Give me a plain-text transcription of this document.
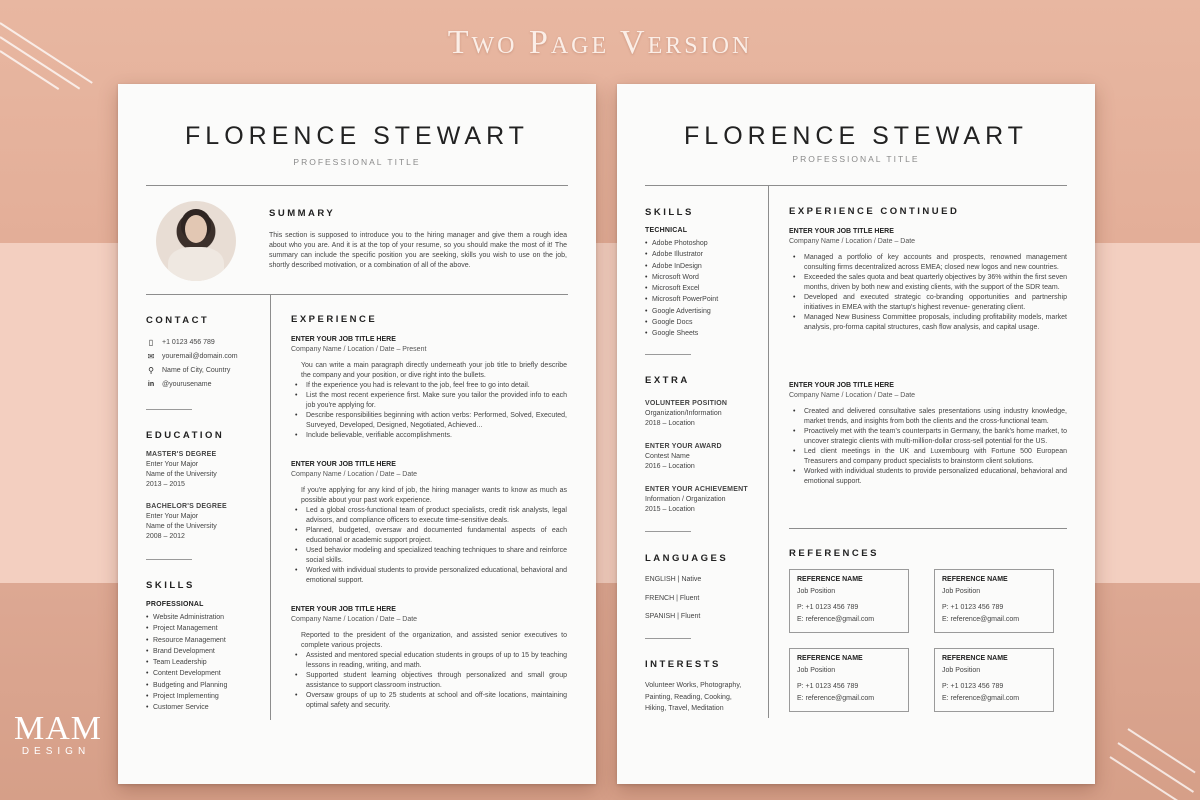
Two Page Version
MAM
DESIGN
FLORENCE STEWART
PROFESSIONAL TITLE
SUMMARY
This section is supposed to introduce you to the hiring manager and give them a rough idea about who you are. And it is at the top of your resume, so you should make the most of it! The summary can include the specific position you are seeking, skills you wish to use on the job, shortly described motivation, or a combination of all of the above.
CONTACT
▯	+1 0123 456 789
✉ youremail@domain.com
⚲ Name of City, Country
in @yourusename
EDUCATION
MASTER'S DEGREE
Enter Your Major
Name of the University
2013 – 2015
BACHELOR'S DEGREE
Enter Your Major
Name of the University
2008 – 2012
SKILLS
PROFESSIONAL
• Website Administration
• Project Management
• Resource Management
• Brand Development
• Team Leadership
• Content Development
• Budgeting and Planning
• Project Implementing
• Customer Service
EXPERIENCE
ENTER YOUR JOB TITLE HERE
Company Name / Location / Date – Present
You can write a main paragraph directly underneath your job title to briefly describe the company and your position, or dive right into the bullets.
• If the experience you had is relevant to the job, feel free to go into detail.
• List the most recent experience first. Make sure you tailor the provided info to each job you're applying for.
• Describe responsibilities beginning with action verbs: Performed, Solved, Executed, Surveyed, Developed, Designed, Negotiated, Achieved...
• Include believable, verifiable accomplishments.
ENTER YOUR JOB TITLE HERE
Company Name / Location / Date – Date
If you're applying for any kind of job, the hiring manager wants to know as much as possible about your past work experience.
• Led a global cross-functional team of product specialists, credit risk analysts, legal advisors, and compliance officers to execute time-sensitive deals.
• Planned, budgeted, oversaw and documented fundamental aspects of each educational or academic support project.
• Used behavior modeling and specialized teaching techniques to share and reinforce social skills.
• Worked with individual students to provide personalized educational, behavioral and emotional support.
ENTER YOUR JOB TITLE HERE
Company Name / Location / Date – Date
Reported to the president of the organization, and assisted senior executives to complete various projects.
• Assisted and mentored special education students in groups of up to 15 by teaching lessons in reading, writing, and math.
• Supported student learning objectives through personalized and small group assistance to support classroom instruction.
• Oversaw groups of up to 25 students at school and off-site locations, maintaining optimal safety and security.
FLORENCE STEWART
PROFESSIONAL TITLE
SKILLS
TECHNICAL
• Adobe Photoshop
• Adobe Illustrator
• Adobe InDesign
• Microsoft Word
• Microsoft Excel
• Microsoft PowerPoint
• Google Advertising
• Google Docs
• Google Sheets
EXTRA
VOLUNTEER POSITION
Organization/Information
2018 – Location
ENTER YOUR AWARD
Contest Name
2016 – Location
ENTER YOUR ACHIEVEMENT
Information / Organization
2015 – Location
LANGUAGES
ENGLISH | Native
FRENCH | Fluent
SPANISH | Fluent
INTERESTS
Volunteer Works, Photography, Painting, Reading, Cooking, Hiking, Travel, Meditation
EXPERIENCE CONTINUED
ENTER YOUR JOB TITLE HERE
Company Name / Location / Date – Date
• Managed a portfolio of key accounts and prospects, renowned management consulting firms decentralized across EMEA; closed new logos and new countries.
• Exceeded the sales quota and beat quarterly objectives by 36% within the first seven months, driven by both new and existing clients, with the support of the SDR team.
• Developed and executed strategic co-branding opportunities and partnership initiatives in EMEA with the startup's highest revenue- generating client.
• Managed New Business Committee proposals, including profitability models, market analysis, pro-forma capital structures, cash flow analysis, and capital usage.
ENTER YOUR JOB TITLE HERE
Company Name / Location / Date – Date
• Created and delivered consultative sales presentations using industry knowledge, market trends, and insights from both the clients and the cross-functional team.
• Proactively met with the team's counterparts in Germany, the bank's home market, to uncover strategic clients with multi-million-dollar cross-sell potential for the US.
• Led client meetings in the UK and Luxembourg with Fortune 500 European Treasurers and company product specialists to brainstorm client solutions.
• Worked with individual students to provide personalized educational, behavioral and emotional support.
REFERENCES
REFERENCE NAME
Job Position
P: +1 0123 456 789
E: reference@gmail.com
REFERENCE NAME
Job Position
P: +1 0123 456 789
E: reference@gmail.com
REFERENCE NAME
Job Position
P: +1 0123 456 789
E: reference@gmail.com
REFERENCE NAME
Job Position
P: +1 0123 456 789
E: reference@gmail.com
